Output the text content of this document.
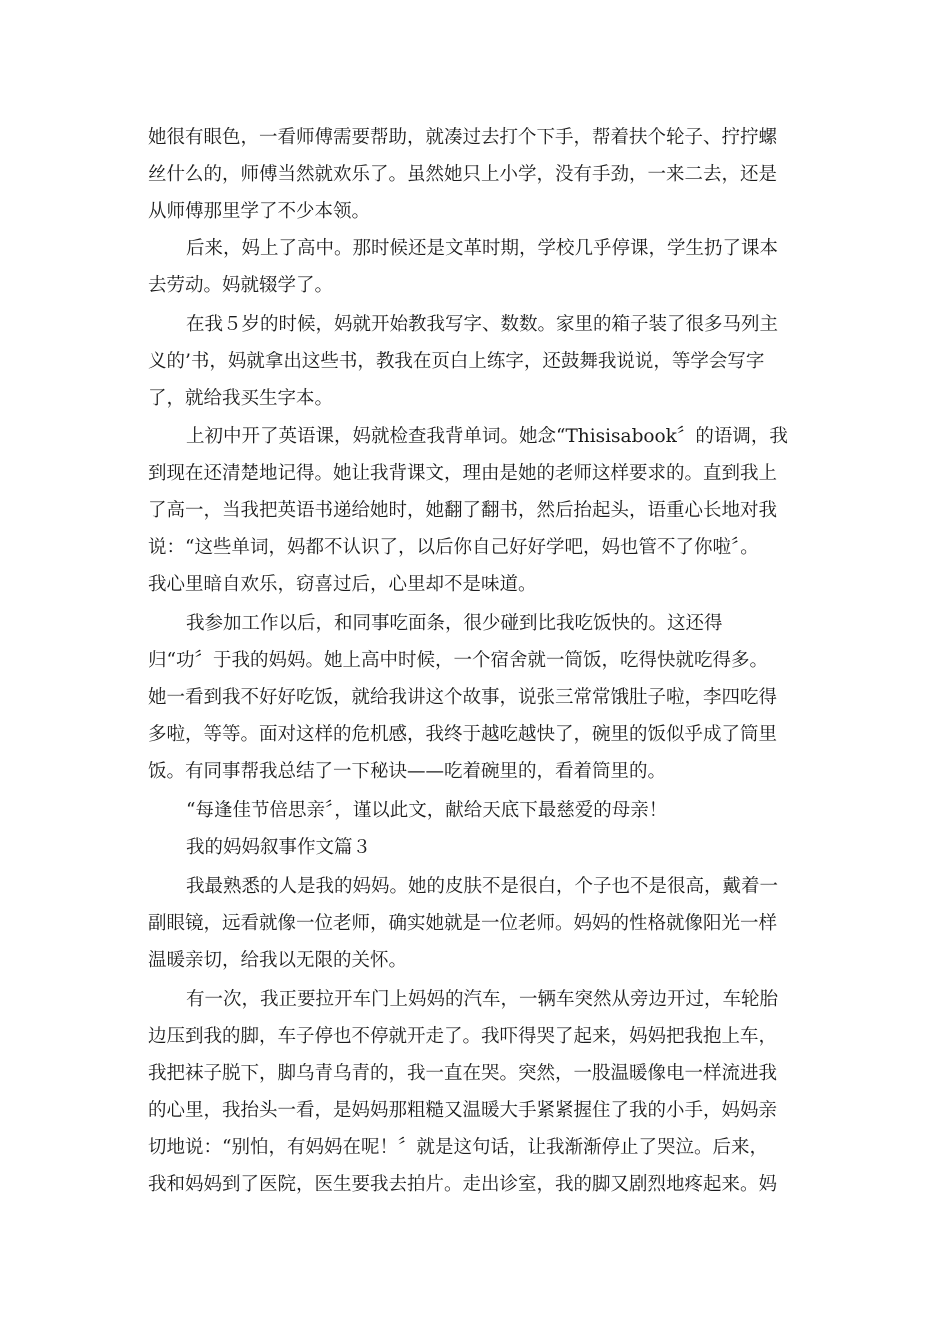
她很有眼色，一看师傅需要帮助，就凑过去打个下手，帮着扶个轮子、拧拧螺
丝什么的，师傅当然就欢乐了。虽然她只上小学，没有手劲，一来二去，还是
从师傅那里学了不少本领。
后来，妈上了高中。那时候还是文革时期，学校几乎停课，学生扔了课本
去劳动。妈就辍学了。
在我５岁的时候，妈就开始教我写字、数数。家里的箱子装了很多马列主
义的’书，妈就拿出这些书，教我在页白上练字，还鼓舞我说说，等学会写字
了，就给我买生字本。
上初中开了英语课，妈就检查我背单词。她念“Thisisabook〞的语调，我
到现在还清楚地记得。她让我背课文，理由是她的老师这样要求的。直到我上
了高一，当我把英语书递给她时，她翻了翻书，然后抬起头，语重心长地对我
说：“这些单词，妈都不认识了，以后你自己好好学吧，妈也管不了你啦〞。
我心里暗自欢乐，窃喜过后，心里却不是味道。
我参加工作以后，和同事吃面条，很少碰到比我吃饭快的。这还得
归“功〞于我的妈妈。她上高中时候，一个宿舍就一筒饭，吃得快就吃得多。
她一看到我不好好吃饭，就给我讲这个故事，说张三常常饿肚子啦，李四吃得
多啦，等等。面对这样的危机感，我终于越吃越快了，碗里的饭似乎成了筒里
饭。有同事帮我总结了一下秘诀——吃着碗里的，看着筒里的。
“每逢佳节倍思亲〞，谨以此文，献给天底下最慈爱的母亲！
我的妈妈叙事作文篇３
我最熟悉的人是我的妈妈。她的皮肤不是很白，个子也不是很高，戴着一
副眼镜，远看就像一位老师，确实她就是一位老师。妈妈的性格就像阳光一样
温暖亲切，给我以无限的关怀。
有一次，我正要拉开车门上妈妈的汽车，一辆车突然从旁边开过，车轮胎
边压到我的脚，车子停也不停就开走了。我吓得哭了起来，妈妈把我抱上车，
我把袜子脱下，脚乌青乌青的，我一直在哭。突然，一股温暖像电一样流进我
的心里，我抬头一看，是妈妈那粗糙又温暖大手紧紧握住了我的小手，妈妈亲
切地说：“别怕，有妈妈在呢！〞就是这句话，让我渐渐停止了哭泣。后来，
我和妈妈到了医院，医生要我去拍片。走出诊室，我的脚又剧烈地疼起来。妈
